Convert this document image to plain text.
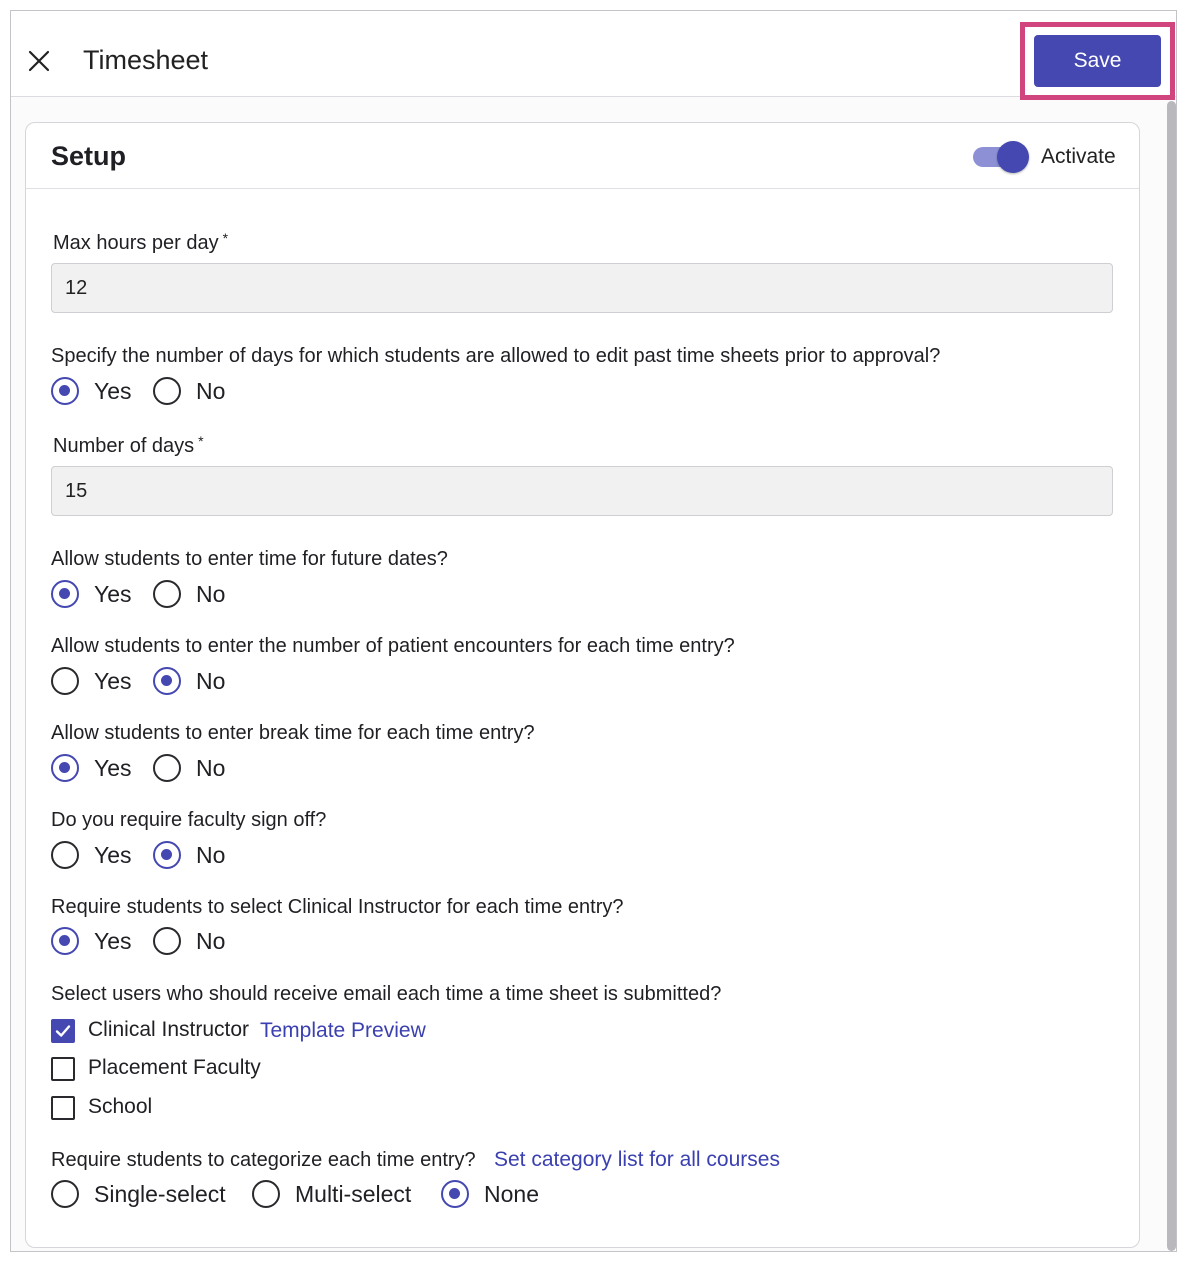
Timesheet	Save
Setup	Activate
Max hours per day *
12
Specify the number of days for which students are allowed to edit past time sheets prior to approval?
Yes	No
Number of days *
15
Allow students to enter time for future dates?
Yes	No
Allow students to enter the number of patient encounters for each time entry?
Yes	No
Allow students to enter break time for each time entry?
Yes	No
Do you require faculty sign off?
Yes	No
Require students to select Clinical Instructor for each time entry?
Yes	No
Select users who should receive email each time a time sheet is submitted?
Clinical Instructor Template Preview
Placement Faculty
School
Require students to categorize each time entry? Set category list for all courses
Single-select	Multi-select	None
